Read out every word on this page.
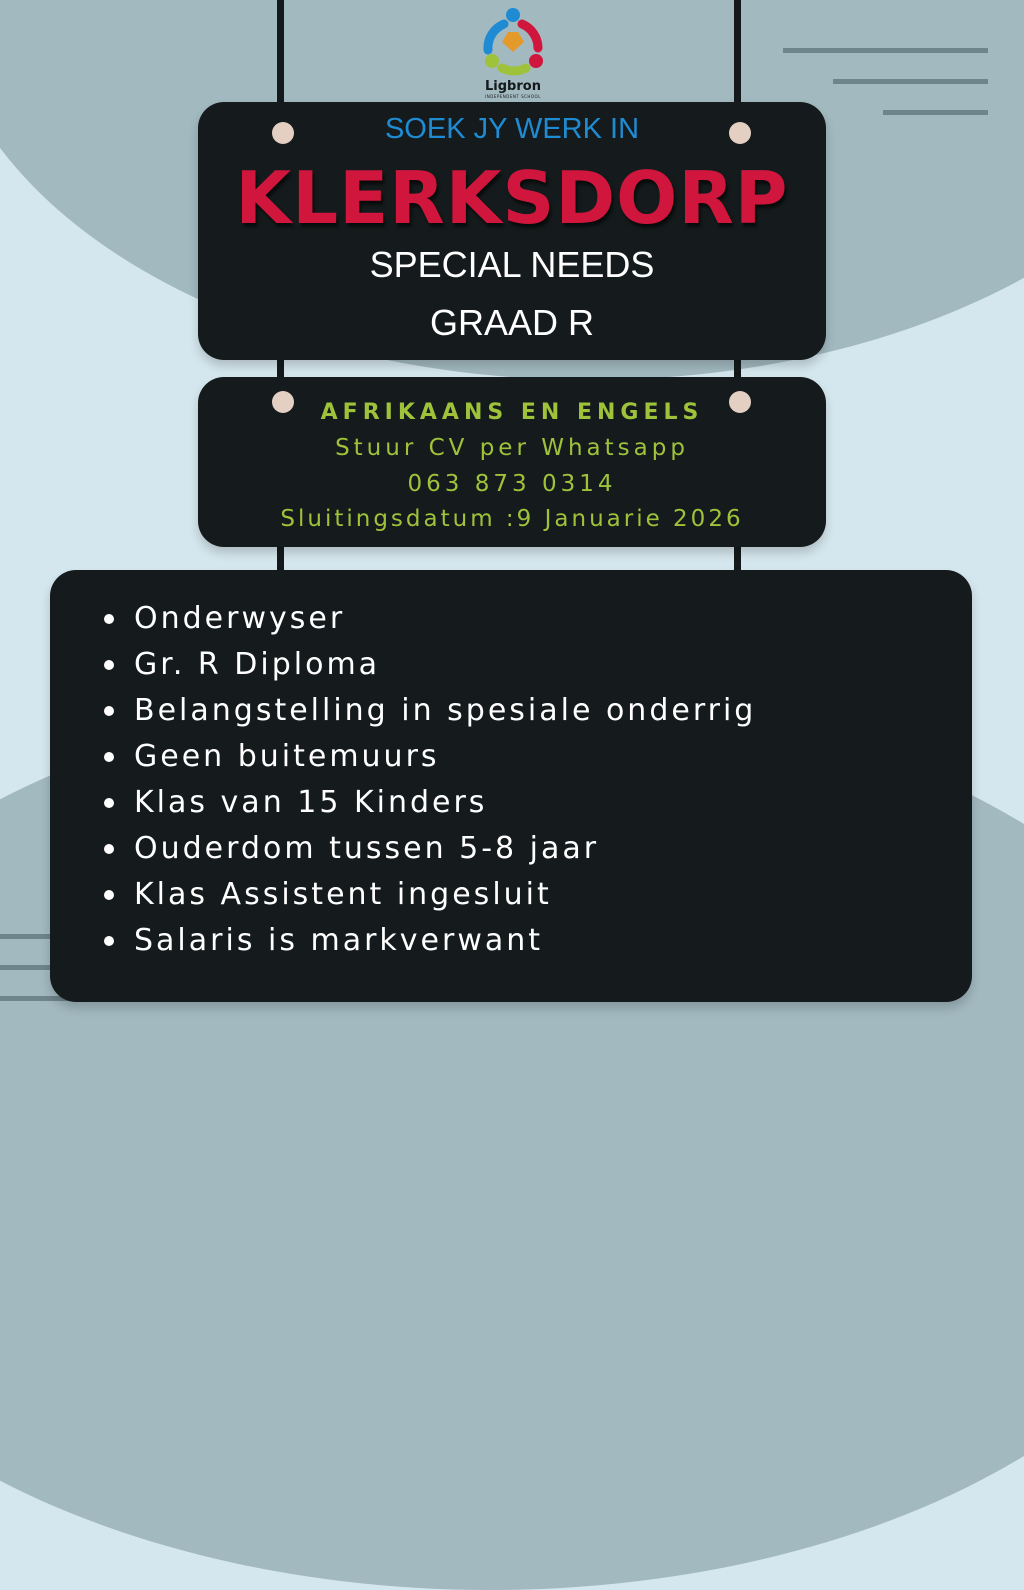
Ligbron
INDEPENDENT SCHOOL
SOEK JY WERK IN
KLERKSDORP
SPECIAL NEEDS
GRAAD R
AFRIKAANS EN ENGELS
Stuur CV per Whatsapp
063 873 0314
Sluitingsdatum :9 Januarie 2026
Onderwyser
Gr. R Diploma
Belangstelling in spesiale onderrig
Geen buitemuurs
Klas van 15 Kinders
Ouderdom tussen 5-8 jaar
Klas Assistent ingesluit
Salaris is markverwant
